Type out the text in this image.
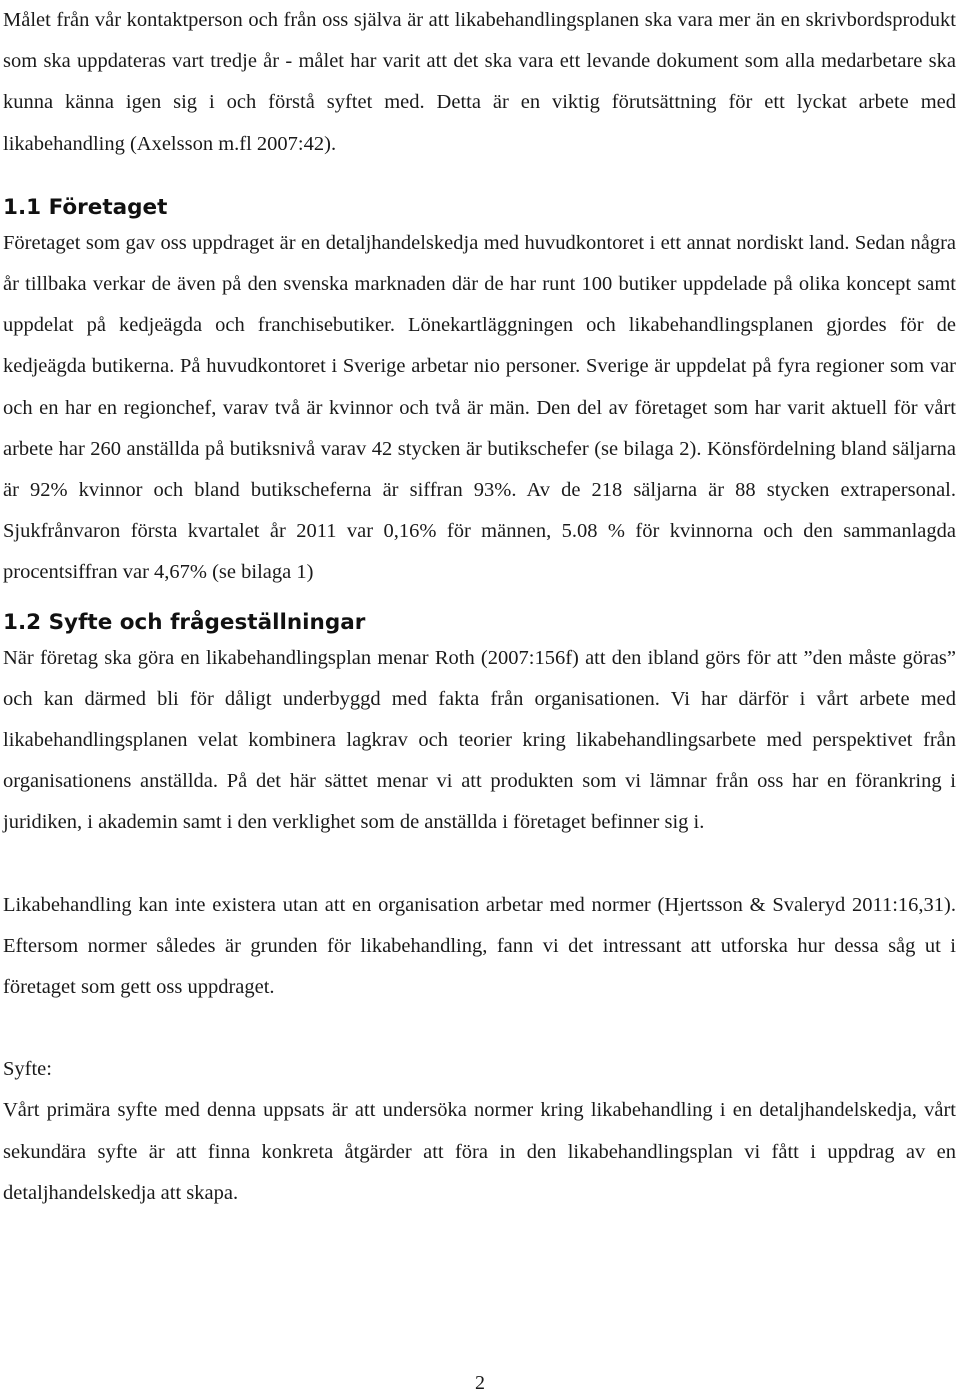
Målet från vår kontaktperson och från oss själva är att likabehandlingsplanen ska vara mer än en skrivbordsprodukt som ska uppdateras vart tredje år - målet har varit att det ska vara ett levande dokument som alla medarbetare ska kunna känna igen sig i och förstå syftet med. Detta är en viktig förutsättning för ett lyckat arbete med likabehandling (Axelsson m.fl 2007:42).

1.1 Företaget

Företaget som gav oss uppdraget är en detaljhandelskedja med huvudkontoret i ett annat nordiskt land. Sedan några år tillbaka verkar de även på den svenska marknaden där de har runt 100 butiker uppdelade på olika koncept samt uppdelat på kedjeägda och franchisebutiker. Lönekartläggningen och likabehandlingsplanen gjordes för de kedjeägda butikerna. På huvudkontoret i Sverige arbetar nio personer. Sverige är uppdelat på fyra regioner som var och en har en regionchef, varav två är kvinnor och två är män. Den del av företaget som har varit aktuell för vårt arbete har 260 anställda på butiksnivå varav 42 stycken är butikschefer (se bilaga 2). Könsfördelning bland säljarna är 92% kvinnor och bland butikscheferna är siffran 93%. Av de 218 säljarna är 88 stycken extrapersonal. Sjukfrånvaron första kvartalet år 2011 var 0,16% för männen, 5.08 % för kvinnorna och den sammanlagda procentsiffran var 4,67% (se bilaga 1)

1.2 Syfte och frågeställningar

När företag ska göra en likabehandlingsplan menar Roth (2007:156f) att den ibland görs för att ”den måste göras” och kan därmed bli för dåligt underbyggd med fakta från organisationen. Vi har därför i vårt arbete med likabehandlingsplanen velat kombinera lagkrav och teorier kring likabehandlingsarbete med perspektivet från organisationens anställda. På det här sättet menar vi att produkten som vi lämnar från oss har en förankring i juridiken, i akademin samt i den verklighet som de anställda i företaget befinner sig i.

Likabehandling kan inte existera utan att en organisation arbetar med normer (Hjertsson & Svaleryd 2011:16,31). Eftersom normer således är grunden för likabehandling, fann vi det intressant att utforska hur dessa såg ut i företaget som gett oss uppdraget.

Syfte:

Vårt primära syfte med denna uppsats är att undersöka normer kring likabehandling i en detaljhandelskedja, vårt sekundära syfte är att finna konkreta åtgärder att föra in den likabehandlingsplan vi fått i uppdrag av en detaljhandelskedja att skapa.

2
